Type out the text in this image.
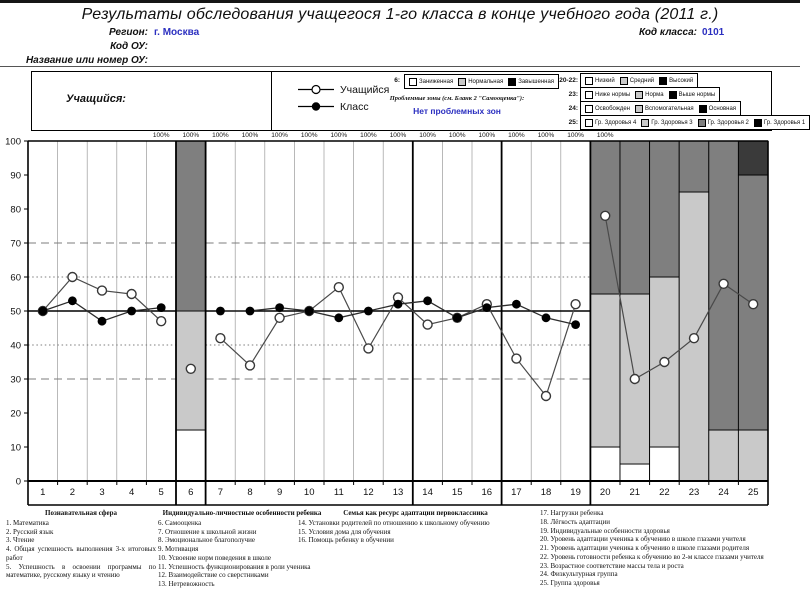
Результаты обследования учащегося 1-го класса в конце учебного года (2011 г.)
Регион: г. Москва	Код класса: 0101
Код ОУ:
Название или номер ОУ:
Учащийся:
Учащийся
Класс
6:	Заниженная	Нормальная	Завышенная
Проблемные зоны (см. Бланк 2 "Самооценка"):
Нет проблемных зон
20-22:	Низкий	Средний	Высокий
23:	Ниже нормы	Норма	Выше нормы
24:	Освобожден	Вспомогательная	Основная
25:	Гр. Здоровья 4	Гр. Здоровья 3	Гр. Здоровья 2	Гр. Здоровья 1
1	2	3	4	5	6	7	8	9 10 11 12 13 14 15 16 17 18 19 20 21 22 23 24 25
0
10
20
30
40
50
60
70
80
90
100
100% 100% 100% 100% 100% 100% 100% 100% 100% 100% 100% 100% 100% 100% 100% 100%
Познавательная сфера
1. Математика
2. Русский язык
3. Чтение
4. Общая успешность выполнения 3-х итоговых работ
5. Успешность в освоении программы по математике, русскому языку и чтению
Индивидуально-личностные особенности ребенка
6. Самооценка
7. Отношение к школьной жизни
8. Эмоциональное благополучие
9. Мотивация
10. Усвоение норм поведения в школе
11. Успешность функционирования в роли ученика
12. Взаимодействие со сверстниками
13. Нетревожность
Семья как ресурс адаптации первоклассника
14. Установки родителей по отношению к школьному обучению
15. Условия дома для обучения
16. Помощь ребенку в обучении
17. Нагрузки ребенка
18. Лёгкость адаптации
19. Индивидуальные особенности здоровья
20. Уровень адаптации ученика к обучению в школе глазами учителя
21. Уровень адаптации ученика к обучению в школе глазами родителя
22. Уровень готовности ребенка к обучению во 2-м классе глазами учителя
23. Возрастное соответствие массы тела и роста
24. Физкультурная группа
25. Группа здоровья
